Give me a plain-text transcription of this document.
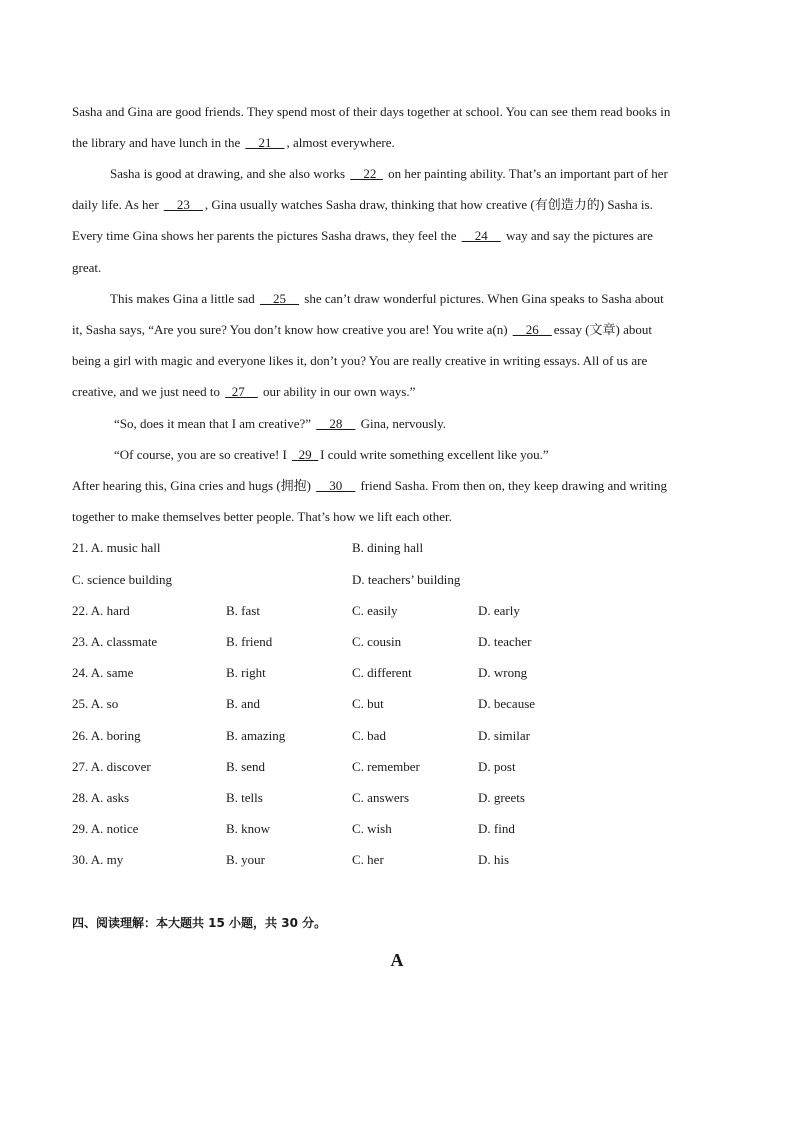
Sasha and Gina are good friends. They spend most of their days together at school. You can see them read books in
the library and have lunch in the __21__ , almost everywhere.
Sasha is good at drawing, and she also works __22_ on her painting ability. That’s an important part of her
daily life. As her __23__ , Gina usually watches Sasha draw, thinking that how creative (有创造力的) Sasha is.
Every time Gina shows her parents the pictures Sasha draws, they feel the __24__ way and say the pictures are
great.
This makes Gina a little sad __25__ she can’t draw wonderful pictures. When Gina speaks to Sasha about
it, Sasha says, “Are you sure? You don’t know how creative you are! You write a(n) __26__ essay (文章) about
being a girl with magic and everyone likes it, don’t you? You are really creative in writing essays. All of us are
creative, and we just need to _27__ our ability in our own ways.”
“So, does it mean that I am creative?” __28__ Gina, nervously.
“Of course, you are so creative! I _29_ I could write something excellent like you.”
After hearing this, Gina cries and hugs (拥抱) __30__ friend Sasha. From then on, they keep drawing and writing
together to make themselves better people. That’s how we lift each other.
21. A. music hall	B. dining hall
C. science building	D. teachers’ building
22. A. hard	B. fast	C. easily	D. early
23. A. classmate	B. friend	C. cousin	D. teacher
24. A. same	B. right	C. different	D. wrong
25. A. so	B. and	C. but	D. because
26. A. boring	B. amazing	C. bad	D. similar
27. A. discover	B. send	C. remember	D. post
28. A. asks	B. tells	C. answers	D. greets
29. A. notice	B. know	C. wish	D. find
30. A. my	B. your	C. her	D. his
四、阅读理解：本大题共 15 小题，共 30 分。
A
